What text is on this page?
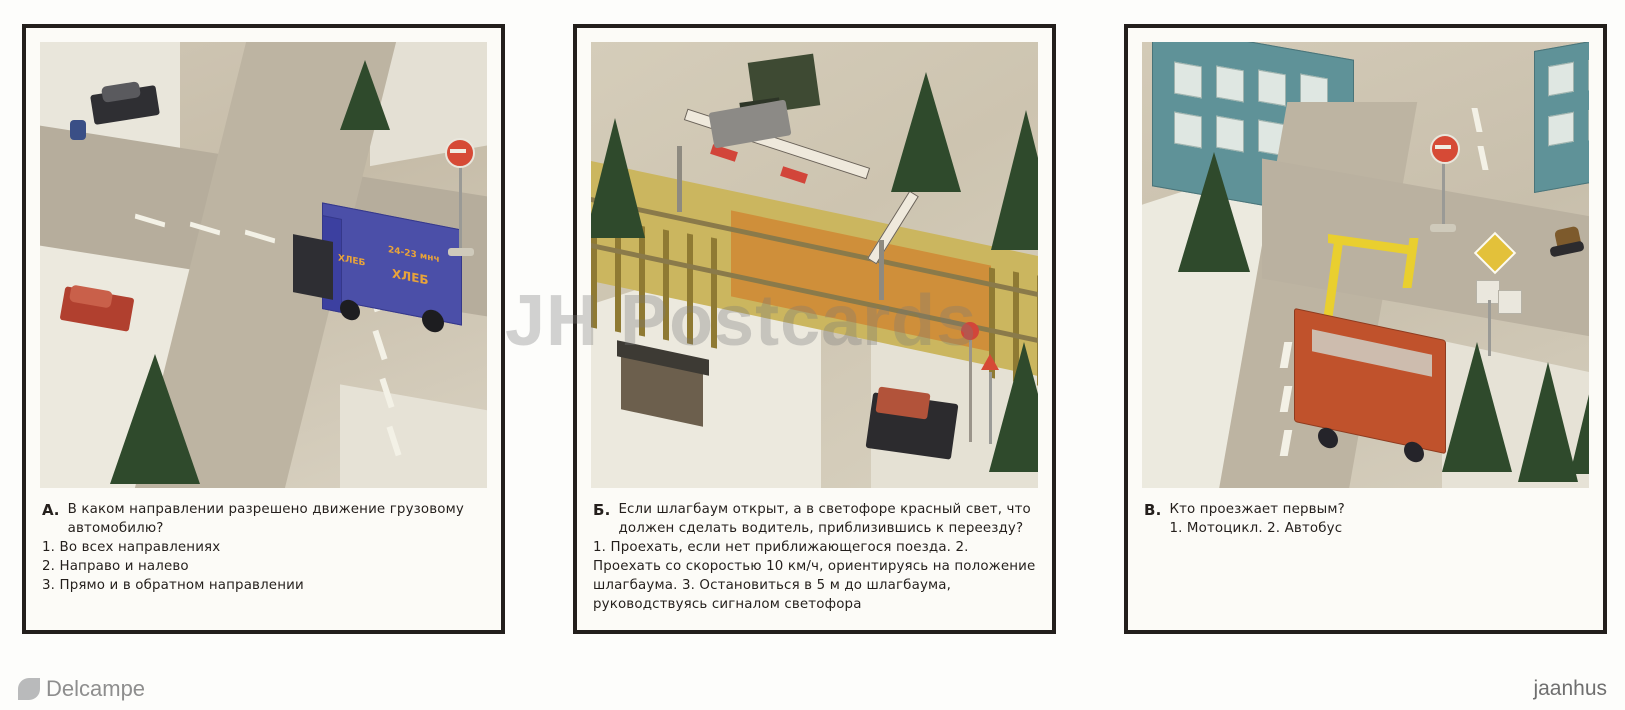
ХЛЕБ	24-23 мнч
ХЛЕБ
А. В каком направлении разрешено движение грузовому автомобилю?
1. Во всех направлениях
2. Направо и налево
3. Прямо и в обратном направлении
Б. Если шлагбаум открыт, а в светофоре красный свет, что должен сделать водитель, приблизившись к переезду? 1. Проехать, если нет приближающегося поезда. 2. Проехать со скоростью 10 км/ч, ориентируясь на положение шлагбаума. 3. Остановиться в 5 м до шлагбаума, руководствуясь сигналом светофора
В. Кто проезжает первым?
1. Мотоцикл. 2. Автобус
JH Postcards
Delcampe	jaanhus
